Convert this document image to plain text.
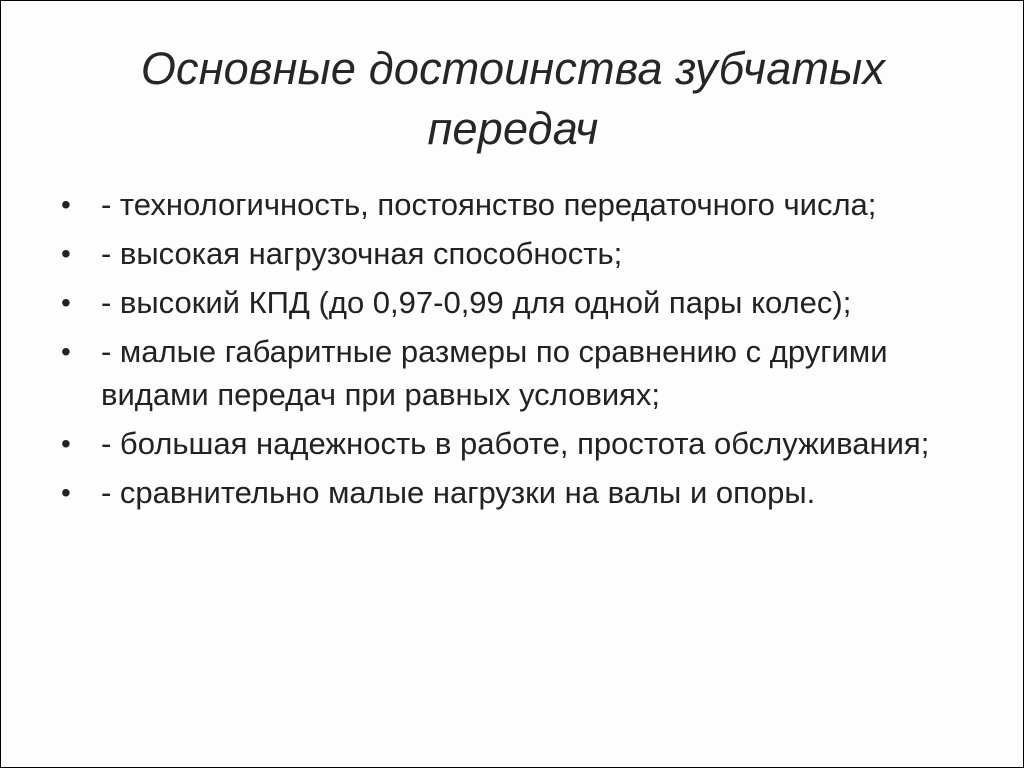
Основные достоинства зубчатых передач
• - технологичность, постоянство передаточного числа;
• - высокая нагрузочная способность;
• - высокий КПД (до 0,97-0,99 для одной пары колес);
• - малые габаритные размеры по сравнению с другими видами передач при равных условиях;
• - большая надежность в работе, простота обслуживания;
• - сравнительно малые нагрузки на валы и опоры.
